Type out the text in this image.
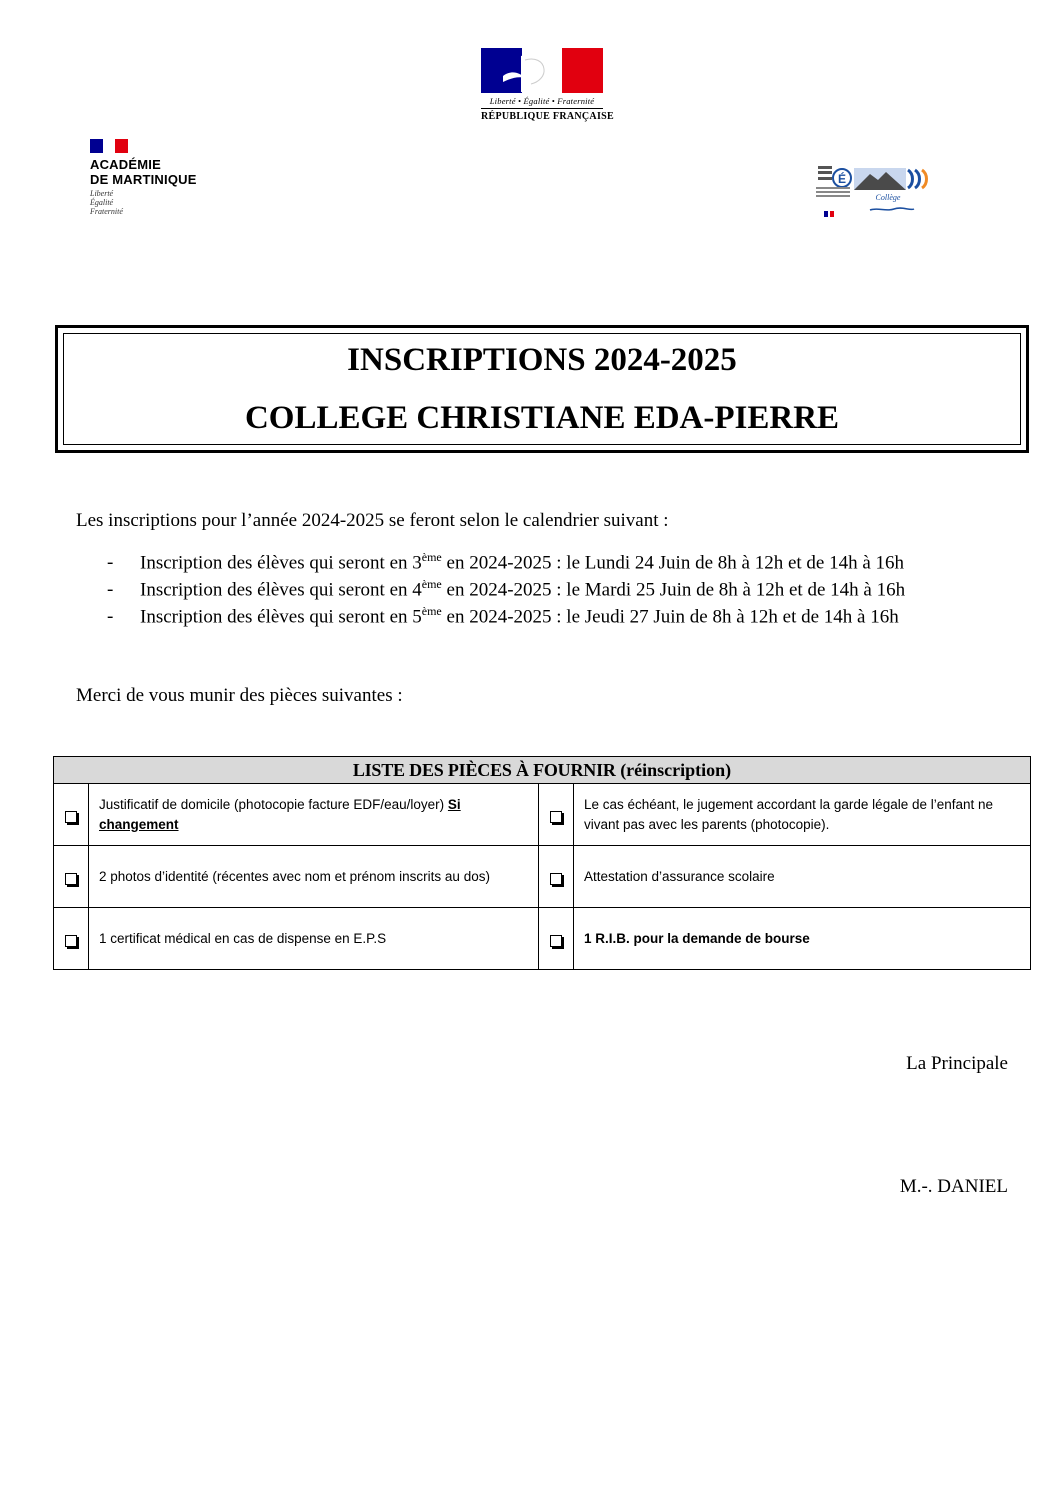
Liberté • Égalité • Fraternité
RÉPUBLIQUE FRANÇAISE
ACADÉMIE
DE MARTINIQUE
Liberté
Égalité
Fraternité
É
Collège
INSCRIPTIONS 2024-2025
COLLEGE CHRISTIANE EDA-PIERRE
Les inscriptions pour l’année 2024-2025 se feront selon le calendrier suivant :
- Inscription des élèves qui seront en 3ème en 2024-2025 : le Lundi 24 Juin de 8h à 12h et de 14h à 16h
- Inscription des élèves qui seront en 4ème en 2024-2025 : le Mardi 25 Juin de 8h à 12h et de 14h à 16h
- Inscription des élèves qui seront en 5ème en 2024-2025 : le Jeudi 27 Juin de 8h à 12h et de 14h à 16h
Merci de vous munir des pièces suivantes :
LISTE DES PIÈCES À FOURNIR (réinscription)			
	Justificatif de domicile (photocopie facture EDF/eau/loyer) Si changement		Le cas échéant, le jugement accordant la garde légale de l’enfant ne vivant pas avec les parents (photocopie).
	2 photos d’identité (récentes avec nom et prénom inscrits au dos)		Attestation d’assurance scolaire
	1 certificat médical en cas de dispense en E.P.S		1 R.I.B. pour la demande de bourse
La Principale
M.-. DANIEL
